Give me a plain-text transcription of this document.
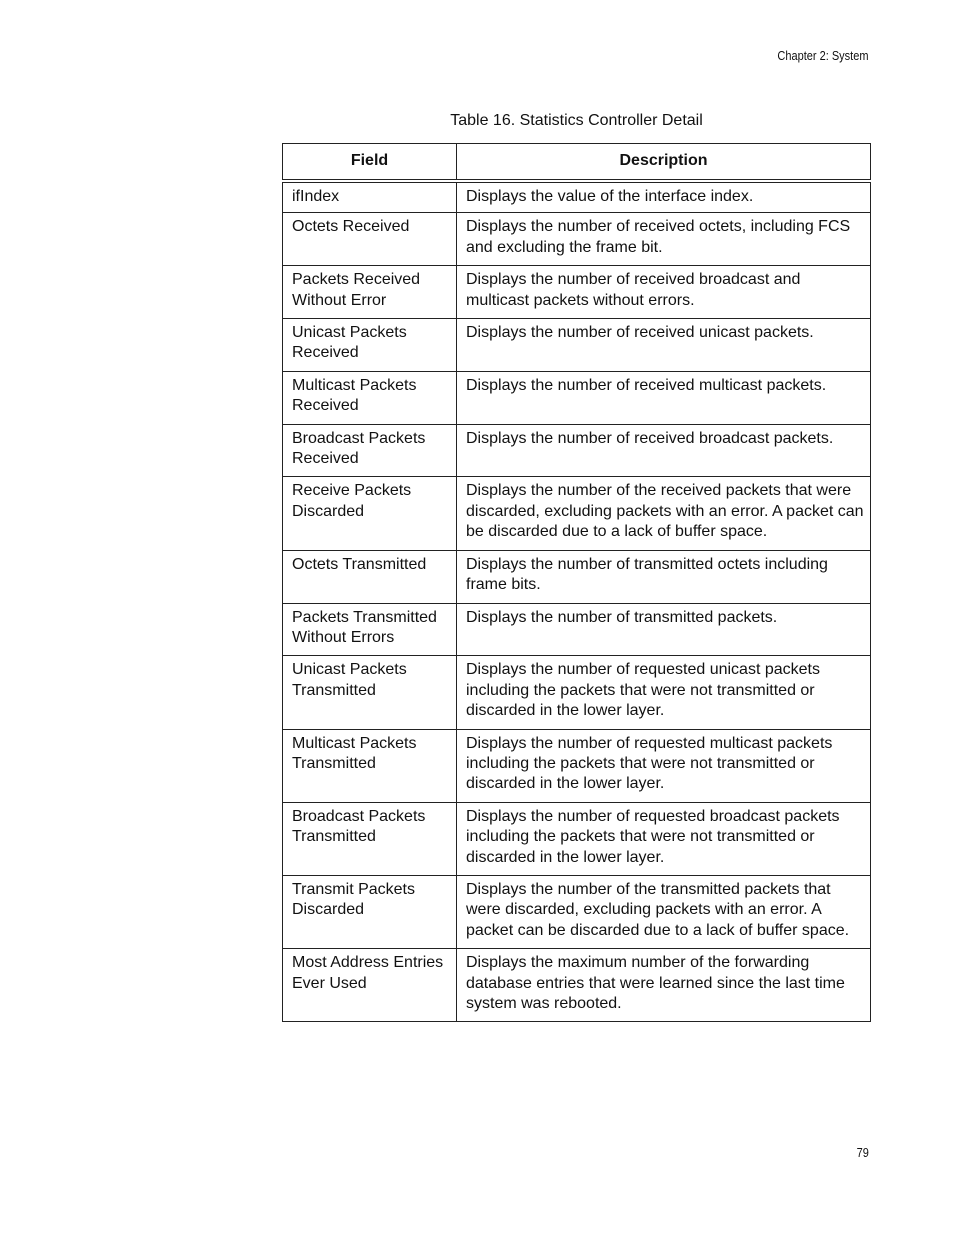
Chapter 2: System
Table 16. Statistics Controller Detail
Field	Description
ifIndex	Displays the value of the interface index.
Octets Received	Displays the number of received octets, including FCS and excluding the frame bit.
Packets Received Without Error	Displays the number of received broadcast and multicast packets without errors.
Unicast Packets Received	Displays the number of received unicast packets.
Multicast Packets Received	Displays the number of received multicast packets.
Broadcast Packets Received	Displays the number of received broadcast packets.
Receive Packets Discarded	Displays the number of the received packets that were discarded, excluding packets with an error. A packet can be discarded due to a lack of buffer space.
Octets Transmitted	Displays the number of transmitted octets including frame bits.
Packets Transmitted Without Errors	Displays the number of transmitted packets.
Unicast Packets Transmitted	Displays the number of requested unicast packets including the packets that were not transmitted or discarded in the lower layer.
Multicast Packets Transmitted	Displays the number of requested multicast packets including the packets that were not transmitted or discarded in the lower layer.
Broadcast Packets Transmitted	Displays the number of requested broadcast packets including the packets that were not transmitted or discarded in the lower layer.
Transmit Packets Discarded	Displays the number of the transmitted packets that were discarded, excluding packets with an error. A packet can be discarded due to a lack of buffer space.
Most Address Entries Ever Used	Displays the maximum number of the forwarding database entries that were learned since the last time system was rebooted.
79
